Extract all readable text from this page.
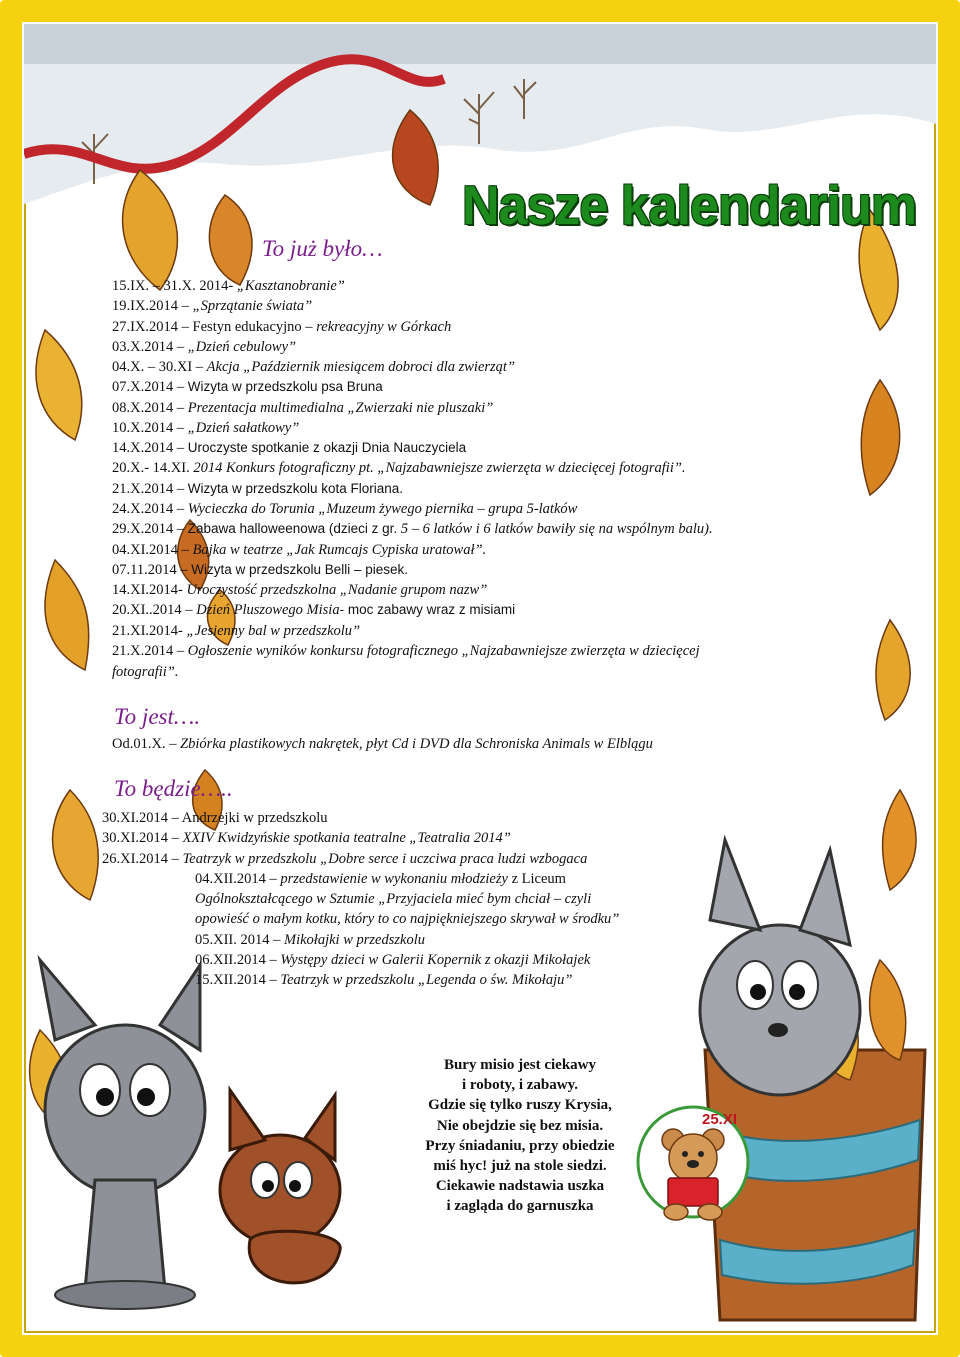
Nasze kalendarium
To już było…
15.IX. – 31.X. 2014- „Kasztanobranie”
19.IX.2014 – „Sprzątanie świata”
27.IX.2014 – Festyn edukacyjno – rekreacyjny w Górkach
03.X.2014 – „Dzień cebulowy”
04.X. – 30.XI – Akcja „Październik miesiącem dobroci dla zwierząt”
07.X.2014 – Wizyta w przedszkolu psa Bruna
08.X.2014 – Prezentacja multimedialna „Zwierzaki nie pluszaki”
10.X.2014 – „Dzień sałatkowy”
14.X.2014 – Uroczyste spotkanie z okazji Dnia Nauczyciela
20.X.- 14.XI. 2014 Konkurs fotograficzny pt. „Najzabawniejsze zwierzęta w dziecięcej fotografii”.
21.X.2014 – Wizyta w przedszkolu kota Floriana.
24.X.2014 – Wycieczka do Torunia „Muzeum żywego piernika – grupa 5-latków
29.X.2014 – Zabawa halloweenowa (dzieci z gr. 5 – 6 latków i 6 latków bawiły się na wspólnym balu).
04.XI.2014 – Bajka w teatrze „Jak Rumcajs Cypiska uratował”.
07.11.2014 – Wizyta w przedszkolu Belli – piesek.
14.XI.2014- Uroczystość przedszkolna „Nadanie grupom nazw”
20.XI..2014 – Dzień Pluszowego Misia- moc zabawy wraz z misiami
21.XI.2014- „Jesienny bal w przedszkolu”
21.X.2014 – Ogłoszenie wyników konkursu fotograficznego „Najzabawniejsze zwierzęta w dziecięcej
fotografii”.
To jest….
Od.01.X. – Zbiórka plastikowych nakrętek, płyt Cd i DVD dla Schroniska Animals w Elblągu
To będzie…..
30.XI.2014 – Andrzejki w przedszkolu
30.XI.2014 – XXIV Kwidzyńskie spotkania teatralne „Teatralia 2014”
26.XI.2014 – Teatrzyk w przedszkolu „Dobre serce i uczciwa praca ludzi wzbogaca
04.XII.2014 – przedstawienie w wykonaniu młodzieży z Liceum
Ogólnokształcącego w Sztumie „Przyjaciela mieć bym chciał – czyli
opowieść o małym kotku, który to co najpiękniejszego skrywał w środku”
05.XII. 2014 – Mikołajki w przedszkolu
06.XII.2014 – Występy dzieci w Galerii Kopernik z okazji Mikołajek
15.XII.2014 – Teatrzyk w przedszkolu „Legenda o św. Mikołaju”
Bury misio jest ciekawy
i roboty, i zabawy.
Gdzie się tylko ruszy Krysia,
Nie obejdzie się bez misia.
Przy śniadaniu, przy obiedzie
miś hyc! już na stole siedzi.
Ciekawie nadstawia uszka
i zagląda do garnuszka
25.XI
